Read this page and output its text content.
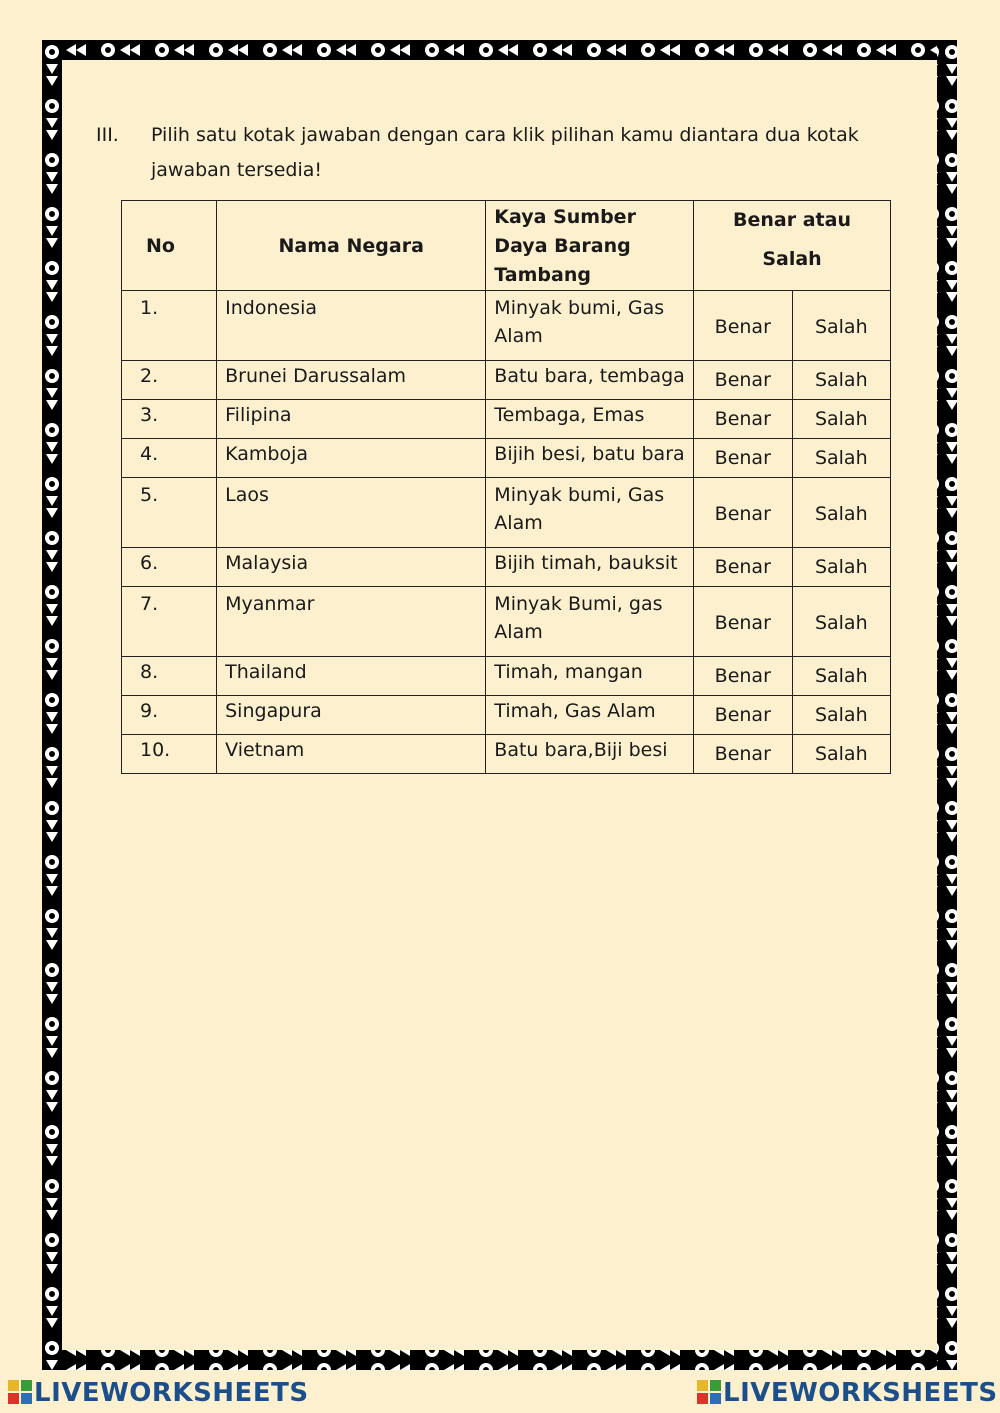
III. Pilih satu kotak jawaban dengan cara klik pilihan kamu diantara dua kotak jawaban tersedia!
No	Nama Negara	Kaya Sumber Daya Barang Tambang	Benar atau Salah	

1.	Indonesia	Minyak bumi, Gas Alam	Benar	Salah
2.	Brunei Darussalam	Batu bara, tembaga	Benar	Salah
3.	Filipina	Tembaga, Emas	Benar	Salah
4.	Kamboja	Bijih besi, batu bara	Benar	Salah
5.	Laos	Minyak bumi, Gas Alam	Benar	Salah
6.	Malaysia	Bijih timah, bauksit	Benar	Salah
7.	Myanmar	Minyak Bumi, gas Alam	Benar	Salah
8.	Thailand	Timah, mangan	Benar	Salah
9.	Singapura	Timah, Gas Alam	Benar	Salah
10.	Vietnam	Batu bara,Biji besi	Benar	Salah
LIVEWORKSHEETS	LIVEWORKSHEETS
